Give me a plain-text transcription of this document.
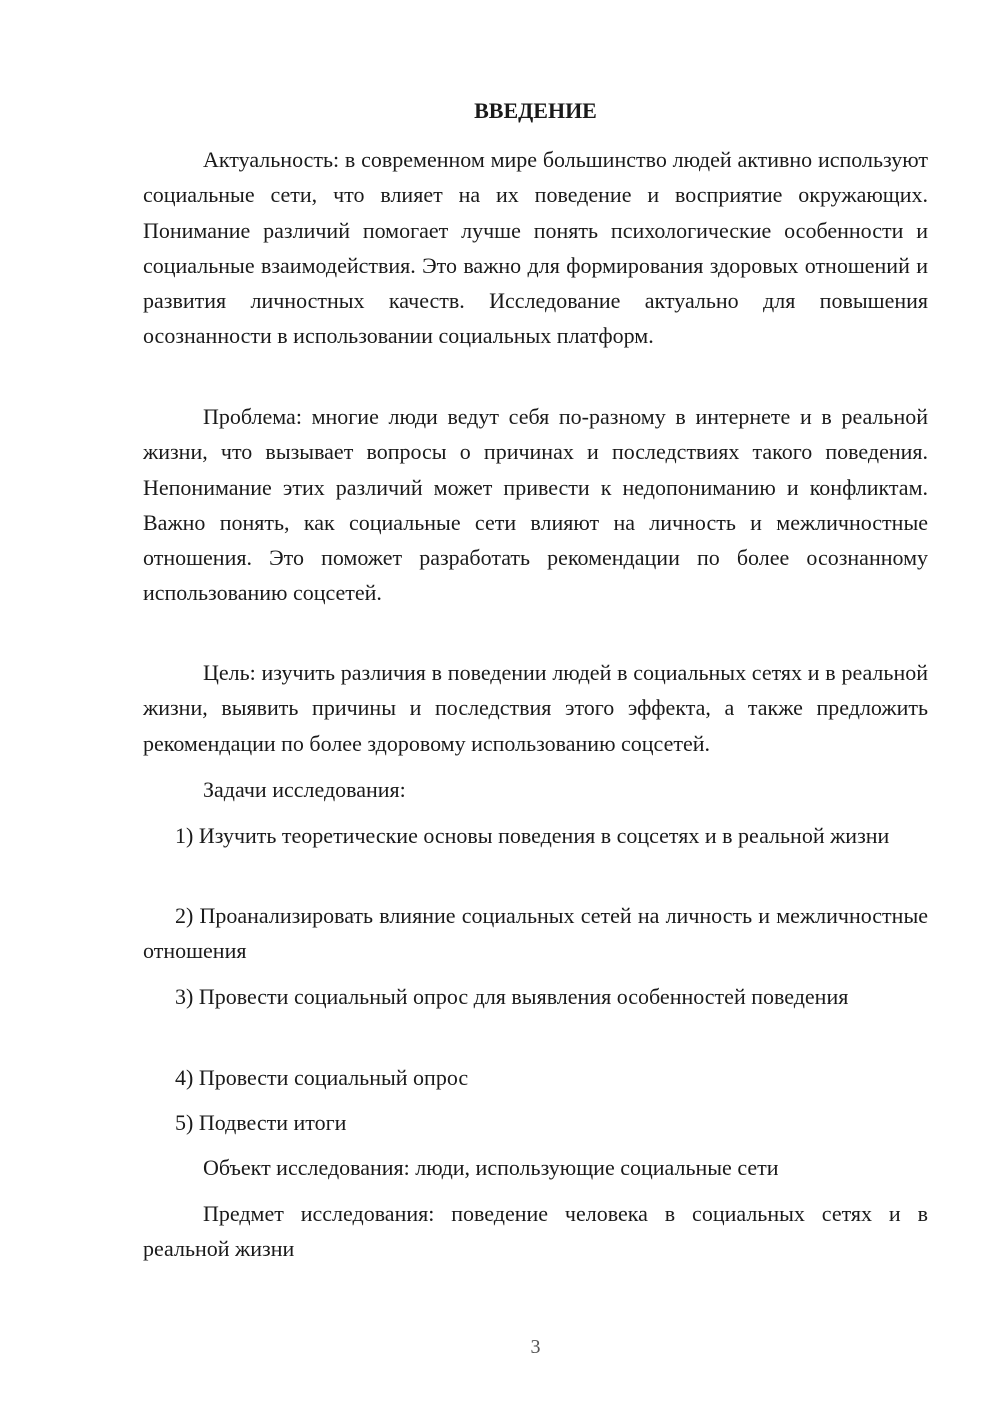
ВВЕДЕНИЕ

Актуальность: в современном мире большинство людей активно используют социальные сети, что влияет на их поведение и восприятие окружающих. Понимание различий помогает лучше понять психологические особенности и социальные взаимодействия. Это важно для формирования здоровых отношений и развития личностных качеств. Исследование актуально для повышения осознанности в использовании социальных платформ.

Проблема: многие люди ведут себя по-разному в интернете и в реальной жизни, что вызывает вопросы о причинах и последствиях такого поведения. Непонимание этих различий может привести к недопониманию и конфликтам. Важно понять, как социальные сети влияют на личность и межличностные отношения. Это поможет разработать рекомендации по более осознанному использованию соцсетей.

Цель: изучить различия в поведении людей в социальных сетях и в реальной жизни, выявить причины и последствия этого эффекта, а также предложить рекомендации по более здоровому использованию соцсетей.

Задачи исследования:

1) Изучить теоретические основы поведения в соцсетях и в реальной жизни

2) Проанализировать влияние социальных сетей на личность и межличностные отношения

3) Провести социальный опрос для выявления особенностей поведения

4) Провести социальный опрос

5) Подвести итоги

Объект исследования: люди, использующие социальные сети

Предмет исследования: поведение человека в социальных сетях и в реальной жизни

3
